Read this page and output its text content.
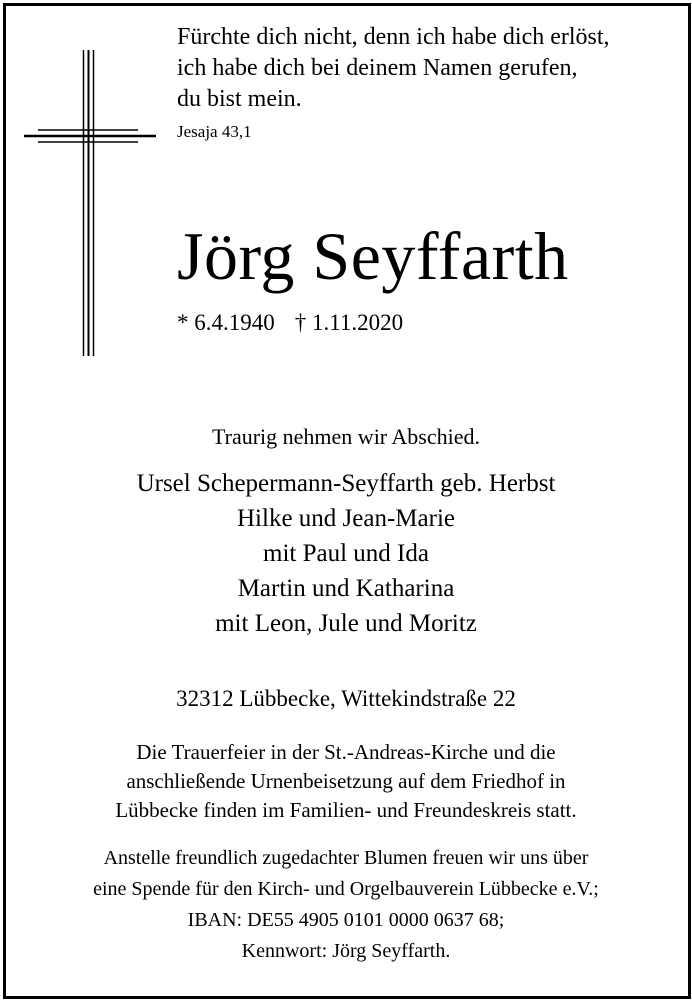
Fürchte dich nicht, denn ich habe dich erlöst,
ich habe dich bei deinem Namen gerufen,
du bist mein.
Jesaja 43,1
Jörg Seyffarth
* 6.4.1940 † 1.11.2020
Traurig nehmen wir Abschied.
Ursel Schepermann-Seyffarth geb. Herbst
Hilke und Jean-Marie
mit Paul und Ida
Martin und Katharina
mit Leon, Jule und Moritz
32312 Lübbecke, Wittekindstraße 22
Die Trauerfeier in der St.-Andreas-Kirche und die
anschließende Urnenbeisetzung auf dem Friedhof in
Lübbecke finden im Familien- und Freundeskreis statt.
Anstelle freundlich zugedachter Blumen freuen wir uns über
eine Spende für den Kirch- und Orgelbauverein Lübbecke e.V.;
IBAN: DE55 4905 0101 0000 0637 68;
Kennwort: Jörg Seyffarth.
